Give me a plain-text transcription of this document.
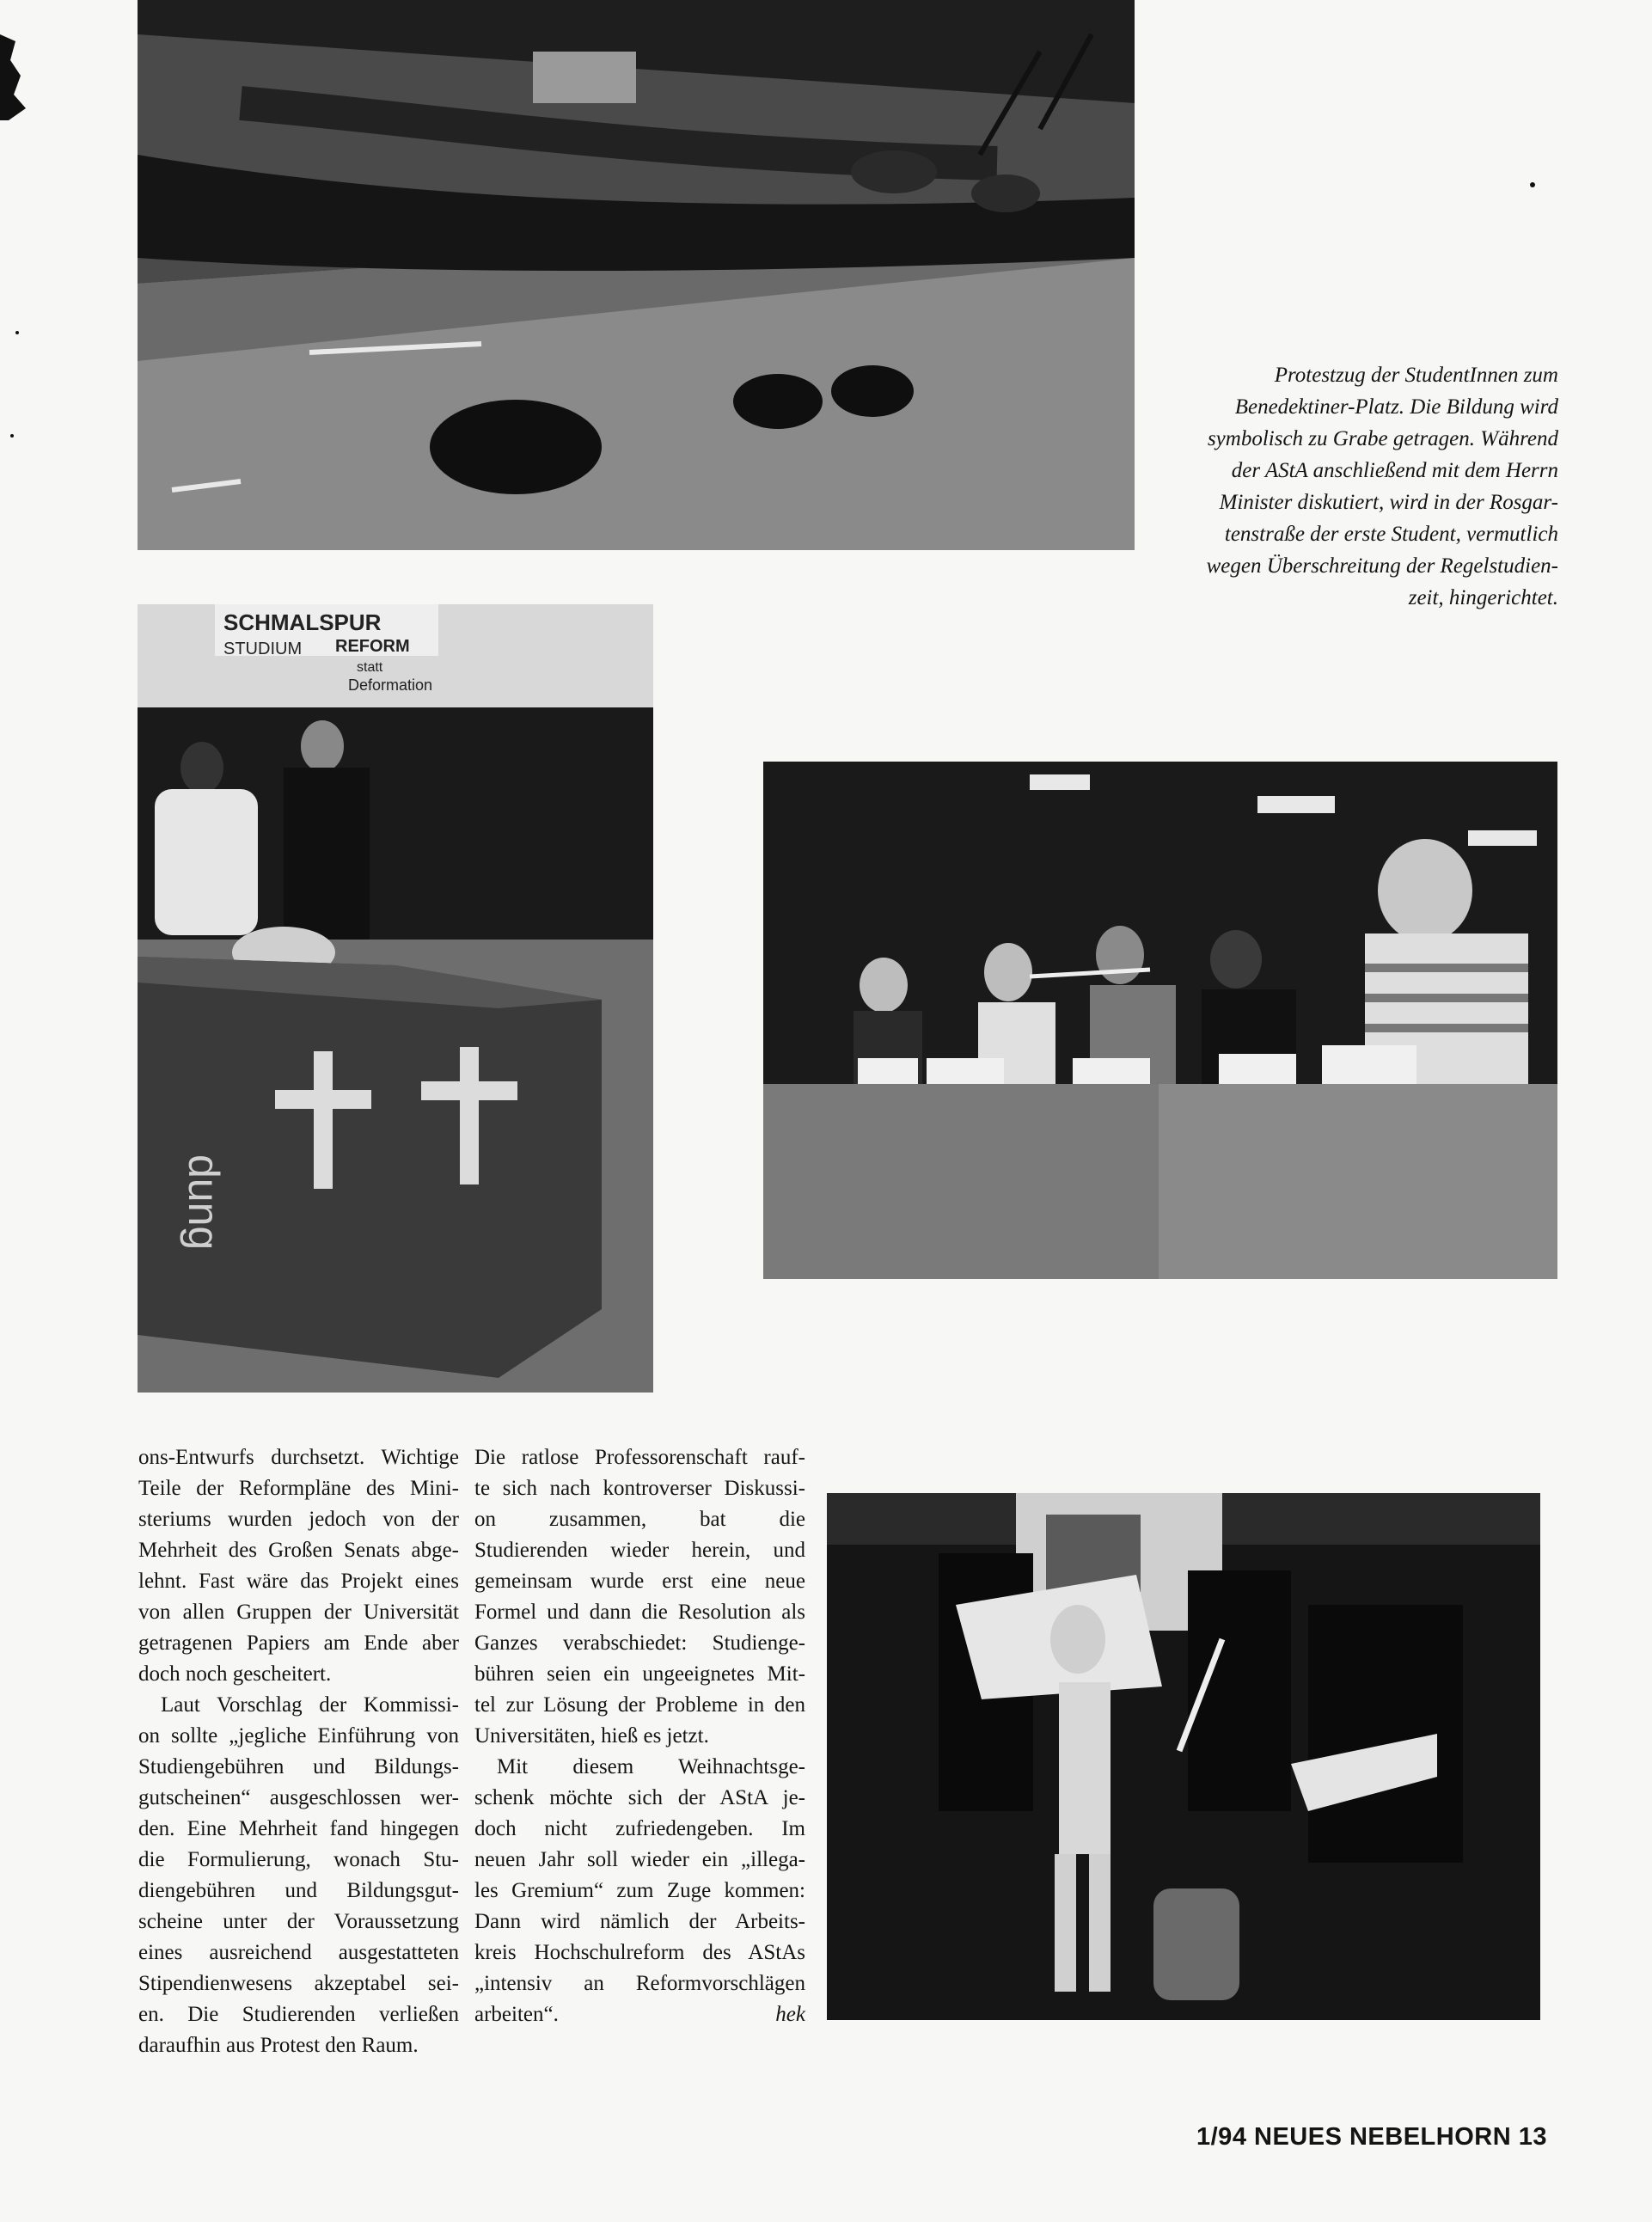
Protestzug der StudentInnen zum
Benedektiner-Platz. Die Bildung wird
symbolisch zu Grabe getragen. Während
der AStA anschließend mit dem Herrn
Minister diskutiert, wird in der Rosgar-
tenstraße der erste Student, vermutlich
wegen Überschreitung der Regelstudien-
zeit, hingerichtet.
SCHMALSPUR
REFORM
STUDIUM
statt
Deformation
dung

ons-Entwurfs durchsetzt. Wichtige
Teile der Reformpläne des Mini-
steriums wurden jedoch von der
Mehrheit des Großen Senats abge-
lehnt. Fast wäre das Projekt eines
von allen Gruppen der Universität
getragenen Papiers am Ende aber
doch noch gescheitert.

Laut Vorschlag der Kommissi-
on sollte „jegliche Einführung von
Studiengebühren und Bildungs-
gutscheinen“ ausgeschlossen wer-
den. Eine Mehrheit fand hingegen
die Formulierung, wonach Stu-
diengebühren und Bildungsgut-
scheine unter der Voraussetzung
eines ausreichend ausgestatteten
Stipendienwesens akzeptabel sei-
en. Die Studierenden verließen
daraufhin aus Protest den Raum.

Die ratlose Professorenschaft rauf-
te sich nach kontroverser Diskussi-
on zusammen, bat die
Studierenden wieder herein, und
gemeinsam wurde erst eine neue
Formel und dann die Resolution als
Ganzes verabschiedet: Studienge-
bühren seien ein ungeeignetes Mit-
tel zur Lösung der Probleme in den
Universitäten, hieß es jetzt.

Mit diesem Weihnachtsge-
schenk möchte sich der AStA je-
doch nicht zufriedengeben. Im
neuen Jahr soll wieder ein „illega-
les Gremium“ zum Zuge kommen:
Dann wird nämlich der Arbeits-
kreis Hochschulreform des AStAs
„intensiv an Reformvorschlägen
arbeiten“.	hek

1/94 NEUES NEBELHORN 13
